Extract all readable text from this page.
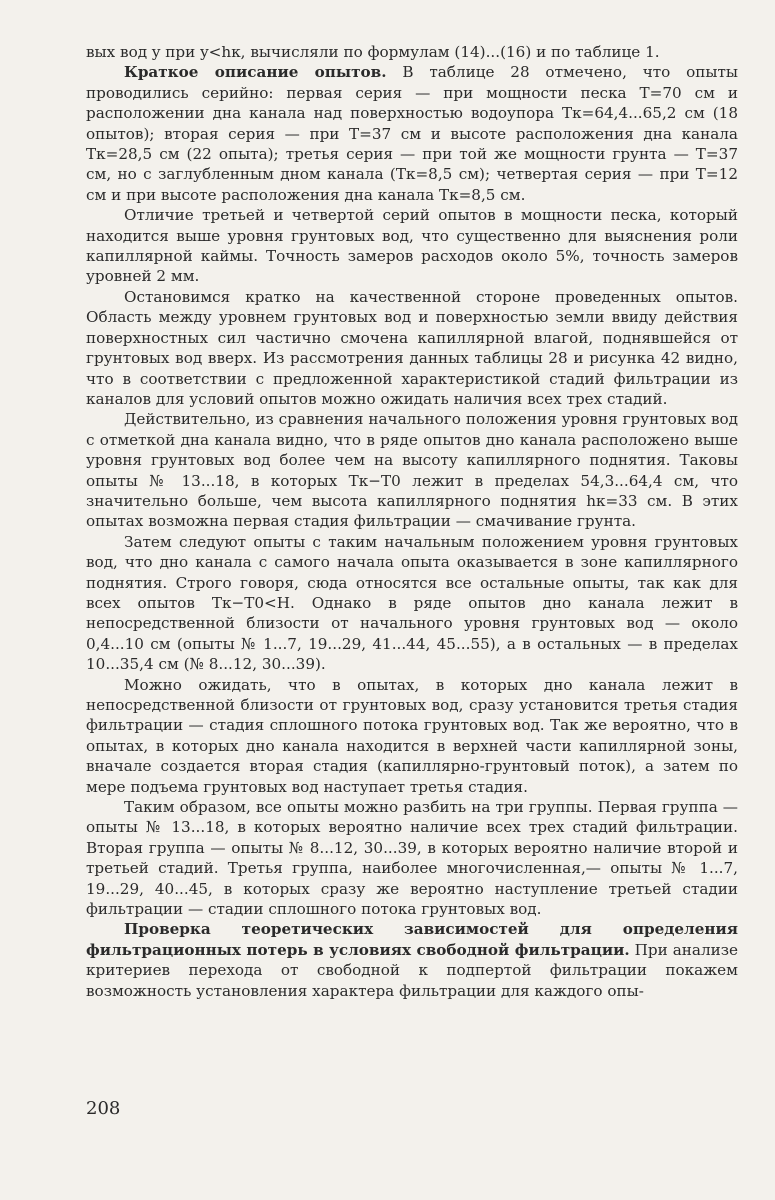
вых вод y при y<hк, вычисляли по формулам (14)...(16) и по таблице 1.

Краткое описание опытов. В таблице 28 отмечено, что опыты проводились серийно: первая серия — при мощности песка T=70 см и расположении дна канала над поверхностью водоупора Tк=64,4...65,2 см (18 опытов); вторая серия — при T=37 см и высоте расположения дна канала Tк=28,5 см (22 опыта); третья серия — при той же мощности грунта — T=37 см, но с заглубленным дном канала (Tк=8,5 см); четвертая серия — при T=12 см и при высоте расположения дна канала Tк=8,5 см.

Отличие третьей и четвертой серий опытов в мощности песка, который находится выше уровня грунтовых вод, что существенно для выяснения роли капиллярной каймы. Точность замеров расходов около 5%, точность замеров уровней 2 мм.

Остановимся кратко на качественной стороне проведенных опытов. Область между уровнем грунтовых вод и поверхностью земли ввиду действия поверхностных сил частично смочена капиллярной влагой, поднявшейся от грунтовых вод вверх. Из рассмотрения данных таблицы 28 и рисунка 42 видно, что в соответствии с предложенной характеристикой стадий фильтрации из каналов для условий опытов можно ожидать наличия всех трех стадий.

Действительно, из сравнения начального положения уровня грунтовых вод с отметкой дна канала видно, что в ряде опытов дно канала расположено выше уровня грунтовых вод более чем на высоту капиллярного поднятия. Таковы опыты № 13...18, в которых Tк−T0 лежит в пределах 54,3...64,4 см, что значительно больше, чем высота капиллярного поднятия hк=33 см. В этих опытах возможна первая стадия фильтрации — смачивание грунта.

Затем следуют опыты с таким начальным положением уровня грунтовых вод, что дно канала с самого начала опыта оказывается в зоне капиллярного поднятия. Строго говоря, сюда относятся все остальные опыты, так как для всех опытов Tк−T0<H. Однако в ряде опытов дно канала лежит в непосредственной близости от начального уровня грунтовых вод — около 0,4...10 см (опыты № 1...7, 19...29, 41...44, 45...55), а в остальных — в пределах 10...35,4 см (№ 8...12, 30...39).

Можно ожидать, что в опытах, в которых дно канала лежит в непосредственной близости от грунтовых вод, сразу установится третья стадия фильтрации — стадия сплошного потока грунтовых вод. Так же вероятно, что в опытах, в которых дно канала находится в верхней части капиллярной зоны, вначале создается вторая стадия (капиллярно-грунтовый поток), а затем по мере подъема грунтовых вод наступает третья стадия.

Таким образом, все опыты можно разбить на три группы. Первая группа — опыты № 13...18, в которых вероятно наличие всех трех стадий фильтрации. Вторая группа — опыты № 8...12, 30...39, в которых вероятно наличие второй и третьей стадий. Третья группа, наиболее многочисленная,— опыты № 1...7, 19...29, 40...45, в которых сразу же вероятно наступление третьей стадии фильтрации — стадии сплошного потока грунтовых вод.

Проверка теоретических зависимостей для определения фильтрационных потерь в условиях свободной фильтрации. При анализе критериев перехода от свободной к подпертой фильтрации покажем возможность установления характера фильтрации для каждого опы-

208
